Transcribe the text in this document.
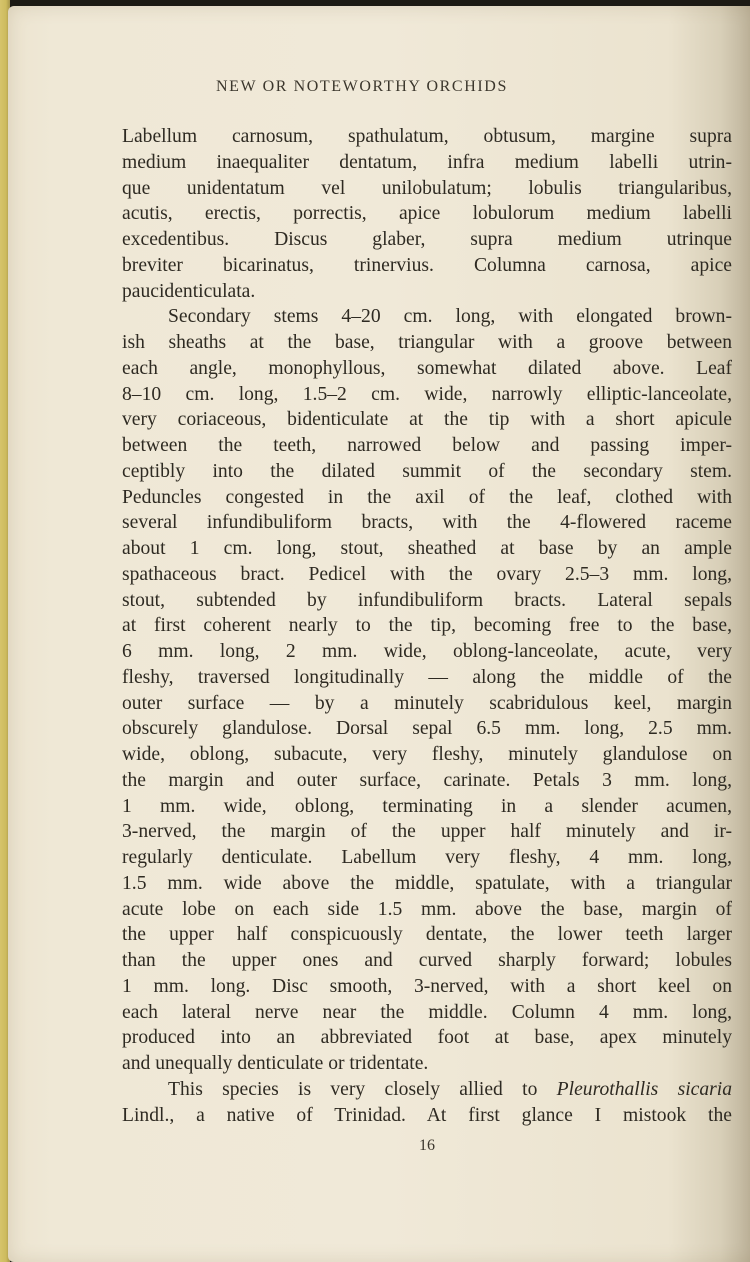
NEW OR NOTEWORTHY ORCHIDS
Labellum carnosum, spathulatum, obtusum, margine supra
medium inaequaliter dentatum, infra medium labelli utrin-
que unidentatum vel unilobulatum; lobulis triangularibus,
acutis, erectis, porrectis, apice lobulorum medium labelli
excedentibus. Discus glaber, supra medium utrinque
breviter bicarinatus, trinervius. Columna carnosa, apice
paucidenticulata.
Secondary stems 4–20 cm. long, with elongated brown-
ish sheaths at the base, triangular with a groove between
each angle, monophyllous, somewhat dilated above. Leaf
8–10 cm. long, 1.5–2 cm. wide, narrowly elliptic-lanceolate,
very coriaceous, bidenticulate at the tip with a short apicule
between the teeth, narrowed below and passing imper-
ceptibly into the dilated summit of the secondary stem.
Peduncles congested in the axil of the leaf, clothed with
several infundibuliform bracts, with the 4-flowered raceme
about 1 cm. long, stout, sheathed at base by an ample
spathaceous bract. Pedicel with the ovary 2.5–3 mm. long,
stout, subtended by infundibuliform bracts. Lateral sepals
at first coherent nearly to the tip, becoming free to the base,
6 mm. long, 2 mm. wide, oblong-lanceolate, acute, very
fleshy, traversed longitudinally — along the middle of the
outer surface — by a minutely scabridulous keel, margin
obscurely glandulose. Dorsal sepal 6.5 mm. long, 2.5 mm.
wide, oblong, subacute, very fleshy, minutely glandulose on
the margin and outer surface, carinate. Petals 3 mm. long,
1 mm. wide, oblong, terminating in a slender acumen,
3-nerved, the margin of the upper half minutely and ir-
regularly denticulate. Labellum very fleshy, 4 mm. long,
1.5 mm. wide above the middle, spatulate, with a triangular
acute lobe on each side 1.5 mm. above the base, margin of
the upper half conspicuously dentate, the lower teeth larger
than the upper ones and curved sharply forward; lobules
1 mm. long. Disc smooth, 3-nerved, with a short keel on
each lateral nerve near the middle. Column 4 mm. long,
produced into an abbreviated foot at base, apex minutely
and unequally denticulate or tridentate.
This species is very closely allied to Pleurothallis sicaria
Lindl., a native of Trinidad. At first glance I mistook the
16
